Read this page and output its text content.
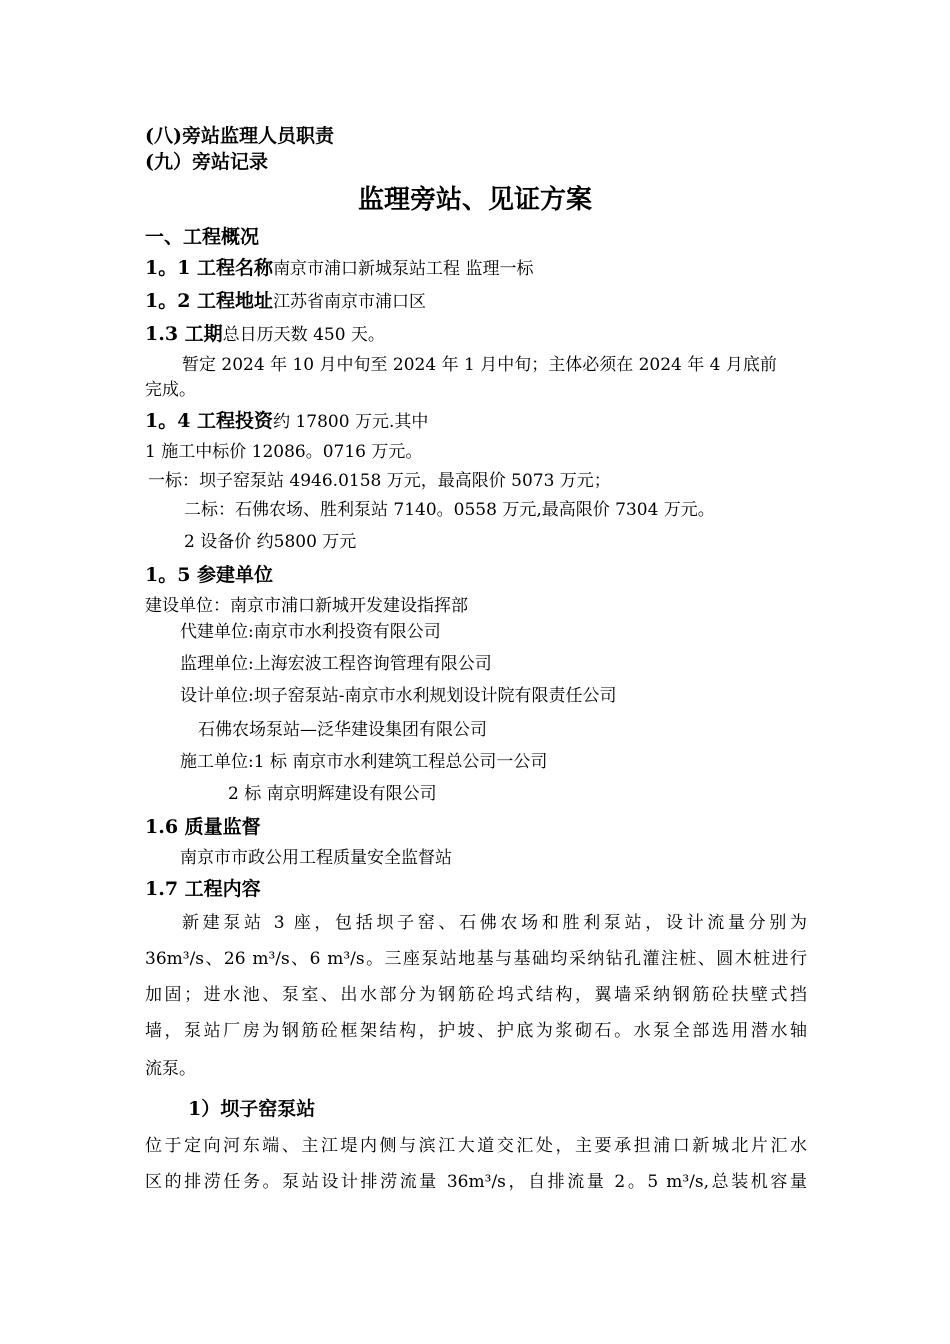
(八)旁站监理人员职责
(九）旁站记录
监理旁站、见证方案
一、工程概况
1。1 工程名称南京市浦口新城泵站工程 监理一标
1。2 工程地址江苏省南京市浦口区
1.3 工期总日历天数 450 天。
暂定 2024 年 10 月中旬至 2024 年 1 月中旬；主体必须在 2024 年 4 月底前
完成。
1。4 工程投资约 17800 万元.其中
1 施工中标价 12086。0716 万元。
一标：坝子窑泵站 4946.0158 万元，最高限价 5073 万元；
二标：石佛农场、胜利泵站 7140。0558 万元,最高限价 7304 万元。
2 设备价 约5800 万元
1。5 参建单位
建设单位：南京市浦口新城开发建设指挥部
代建单位:南京市水利投资有限公司
监理单位:上海宏波工程咨询管理有限公司
设计单位:坝子窑泵站-南京市水利规划设计院有限责任公司
石佛农场泵站—泛华建设集团有限公司
施工单位:1 标 南京市水利建筑工程总公司一公司
2 标 南京明辉建设有限公司
1.6 质量监督
南京市市政公用工程质量安全监督站
1.7 工程内容
新建泵站 3 座，包括坝子窑、石佛农场和胜利泵站，设计流量分别为
36m³/s、26 m³/s、6 m³/s。三座泵站地基与基础均采纳钻孔灌注桩、圆木桩进行
加固；进水池、泵室、出水部分为钢筋砼坞式结构，翼墙采纳钢筋砼扶壁式挡
墙，泵站厂房为钢筋砼框架结构，护坡、护底为浆砌石。水泵全部选用潜水轴
流泵。
1）坝子窑泵站
位于定向河东端、主江堤内侧与滨江大道交汇处，主要承担浦口新城北片汇水
区的排涝任务。泵站设计排涝流量 36m³/s，自排流量 2。5 m³/s,总装机容量
